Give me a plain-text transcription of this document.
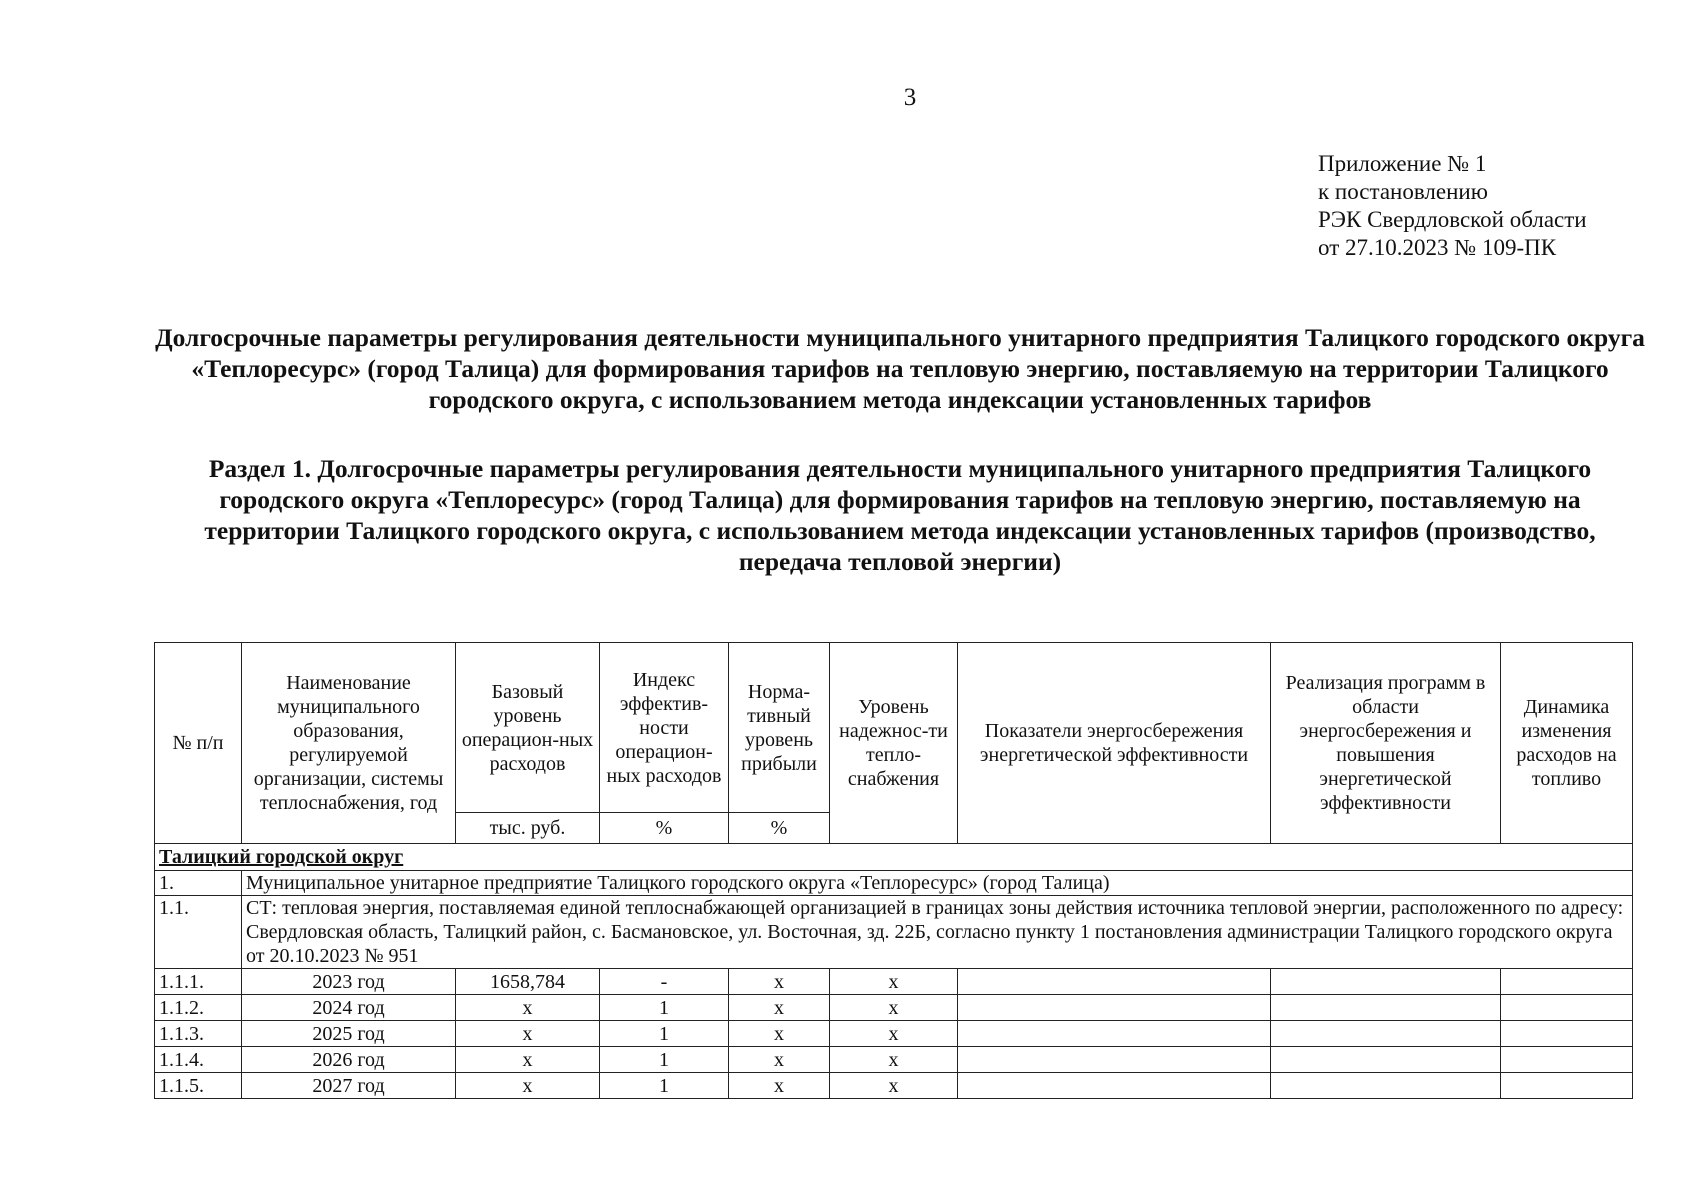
3
Приложение № 1
к постановлению
РЭК Свердловской области
от 27.10.2023 № 109-ПК
Долгосрочные параметры регулирования деятельности муниципального унитарного предприятия Талицкого городского округа «Теплоресурс» (город Талица) для формирования тарифов на тепловую энергию, поставляемую на территории Талицкого городского округа, с использованием метода индексации установленных тарифов
Раздел 1. Долгосрочные параметры регулирования деятельности муниципального унитарного предприятия Талицкого городского округа «Теплоресурс» (город Талица) для формирования тарифов на тепловую энергию, поставляемую на территории Талицкого городского округа, с использованием метода индексации установленных тарифов (производство, передача тепловой энергии)
№ п/п	Наименование муниципального образования, регулируемой организации, системы теплоснабжения, год	Базовый уровень операцион-ных расходов	Индекс эффектив-ности операцион-ных расходов	Норма-тивный уровень прибыли	Уровень надежнос-ти тепло-снабжения	Показатели энергосбережения энергетической эффективности	Реализация программ в области энергосбережения и повышения энергетической эффективности	Динамика изменения расходов на топливо
		тыс. руб.	%	%				
Талицкий городской округ								
1.	Муниципальное унитарное предприятие Талицкого городского округа «Теплоресурс» (город Талица)							
1.1.	СТ: тепловая энергия, поставляемая единой теплоснабжающей организацией в границах зоны действия источника тепловой энергии, расположенного по адресу: Свердловская область, Талицкий район, с. Басмановское, ул. Восточная, зд. 22Б, согласно пункту 1 постановления администрации Талицкого городского округа от 20.10.2023 № 951							
1.1.1.	2023 год	1658,784	-	x	x			
1.1.2.	2024 год	x	1	x	x			
1.1.3.	2025 год	x	1	x	x			
1.1.4.	2026 год	x	1	x	x			
1.1.5.	2027 год	x	1	x	x			
